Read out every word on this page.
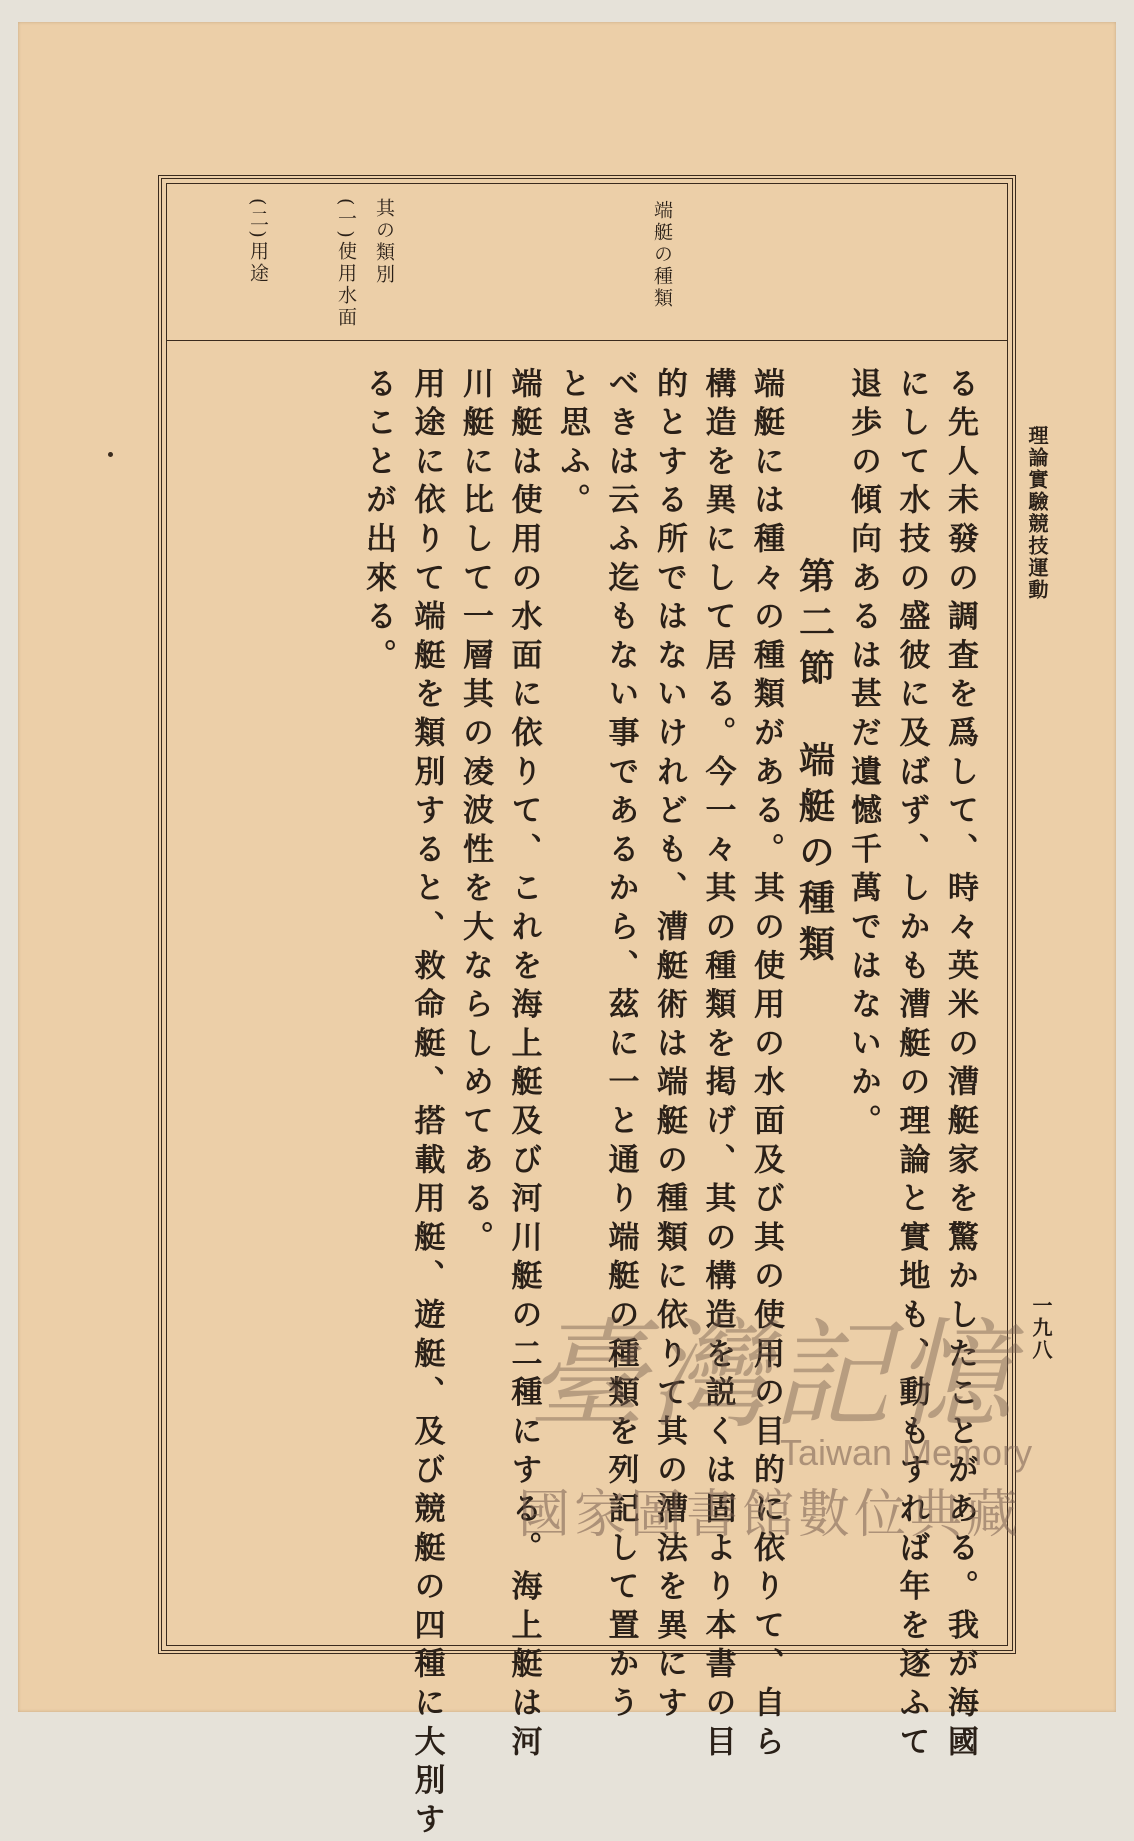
理論實驗競技運動
一九八
端艇の種類
其の類別
(一)使用水面
(二)用途

る先人未發の調査を爲して、時々英米の漕艇家を驚かしたことがある。我が海國

にして水技の盛彼に及ばず、しかも漕艇の理論と實地も、動もすれば年を逐ふて

退歩の傾向あるは甚だ遺憾千萬ではないか。

第二節　端艇の種類

端艇には種々の種類がある。其の使用の水面及び其の使用の目的に依りて、自ら

構造を異にして居る。今一々其の種類を掲げ、其の構造を説くは固より本書の目

的とする所ではないけれども、漕艇術は端艇の種類に依りて其の漕法を異にす

べきは云ふ迄もない事であるから、茲に一と通り端艇の種類を列記して置かう

と思ふ。

端艇は使用の水面に依りて、これを海上艇及び河川艇の二種にする。海上艇は河

川艇に比して一層其の凌波性を大ならしめてある。

用途に依りて端艇を類別すると、救命艇、搭載用艇、遊艇、及び競艇の四種に大別す

ることが出來る。

臺灣記憶
Taiwan Memory
國家圖書館數位典藏
